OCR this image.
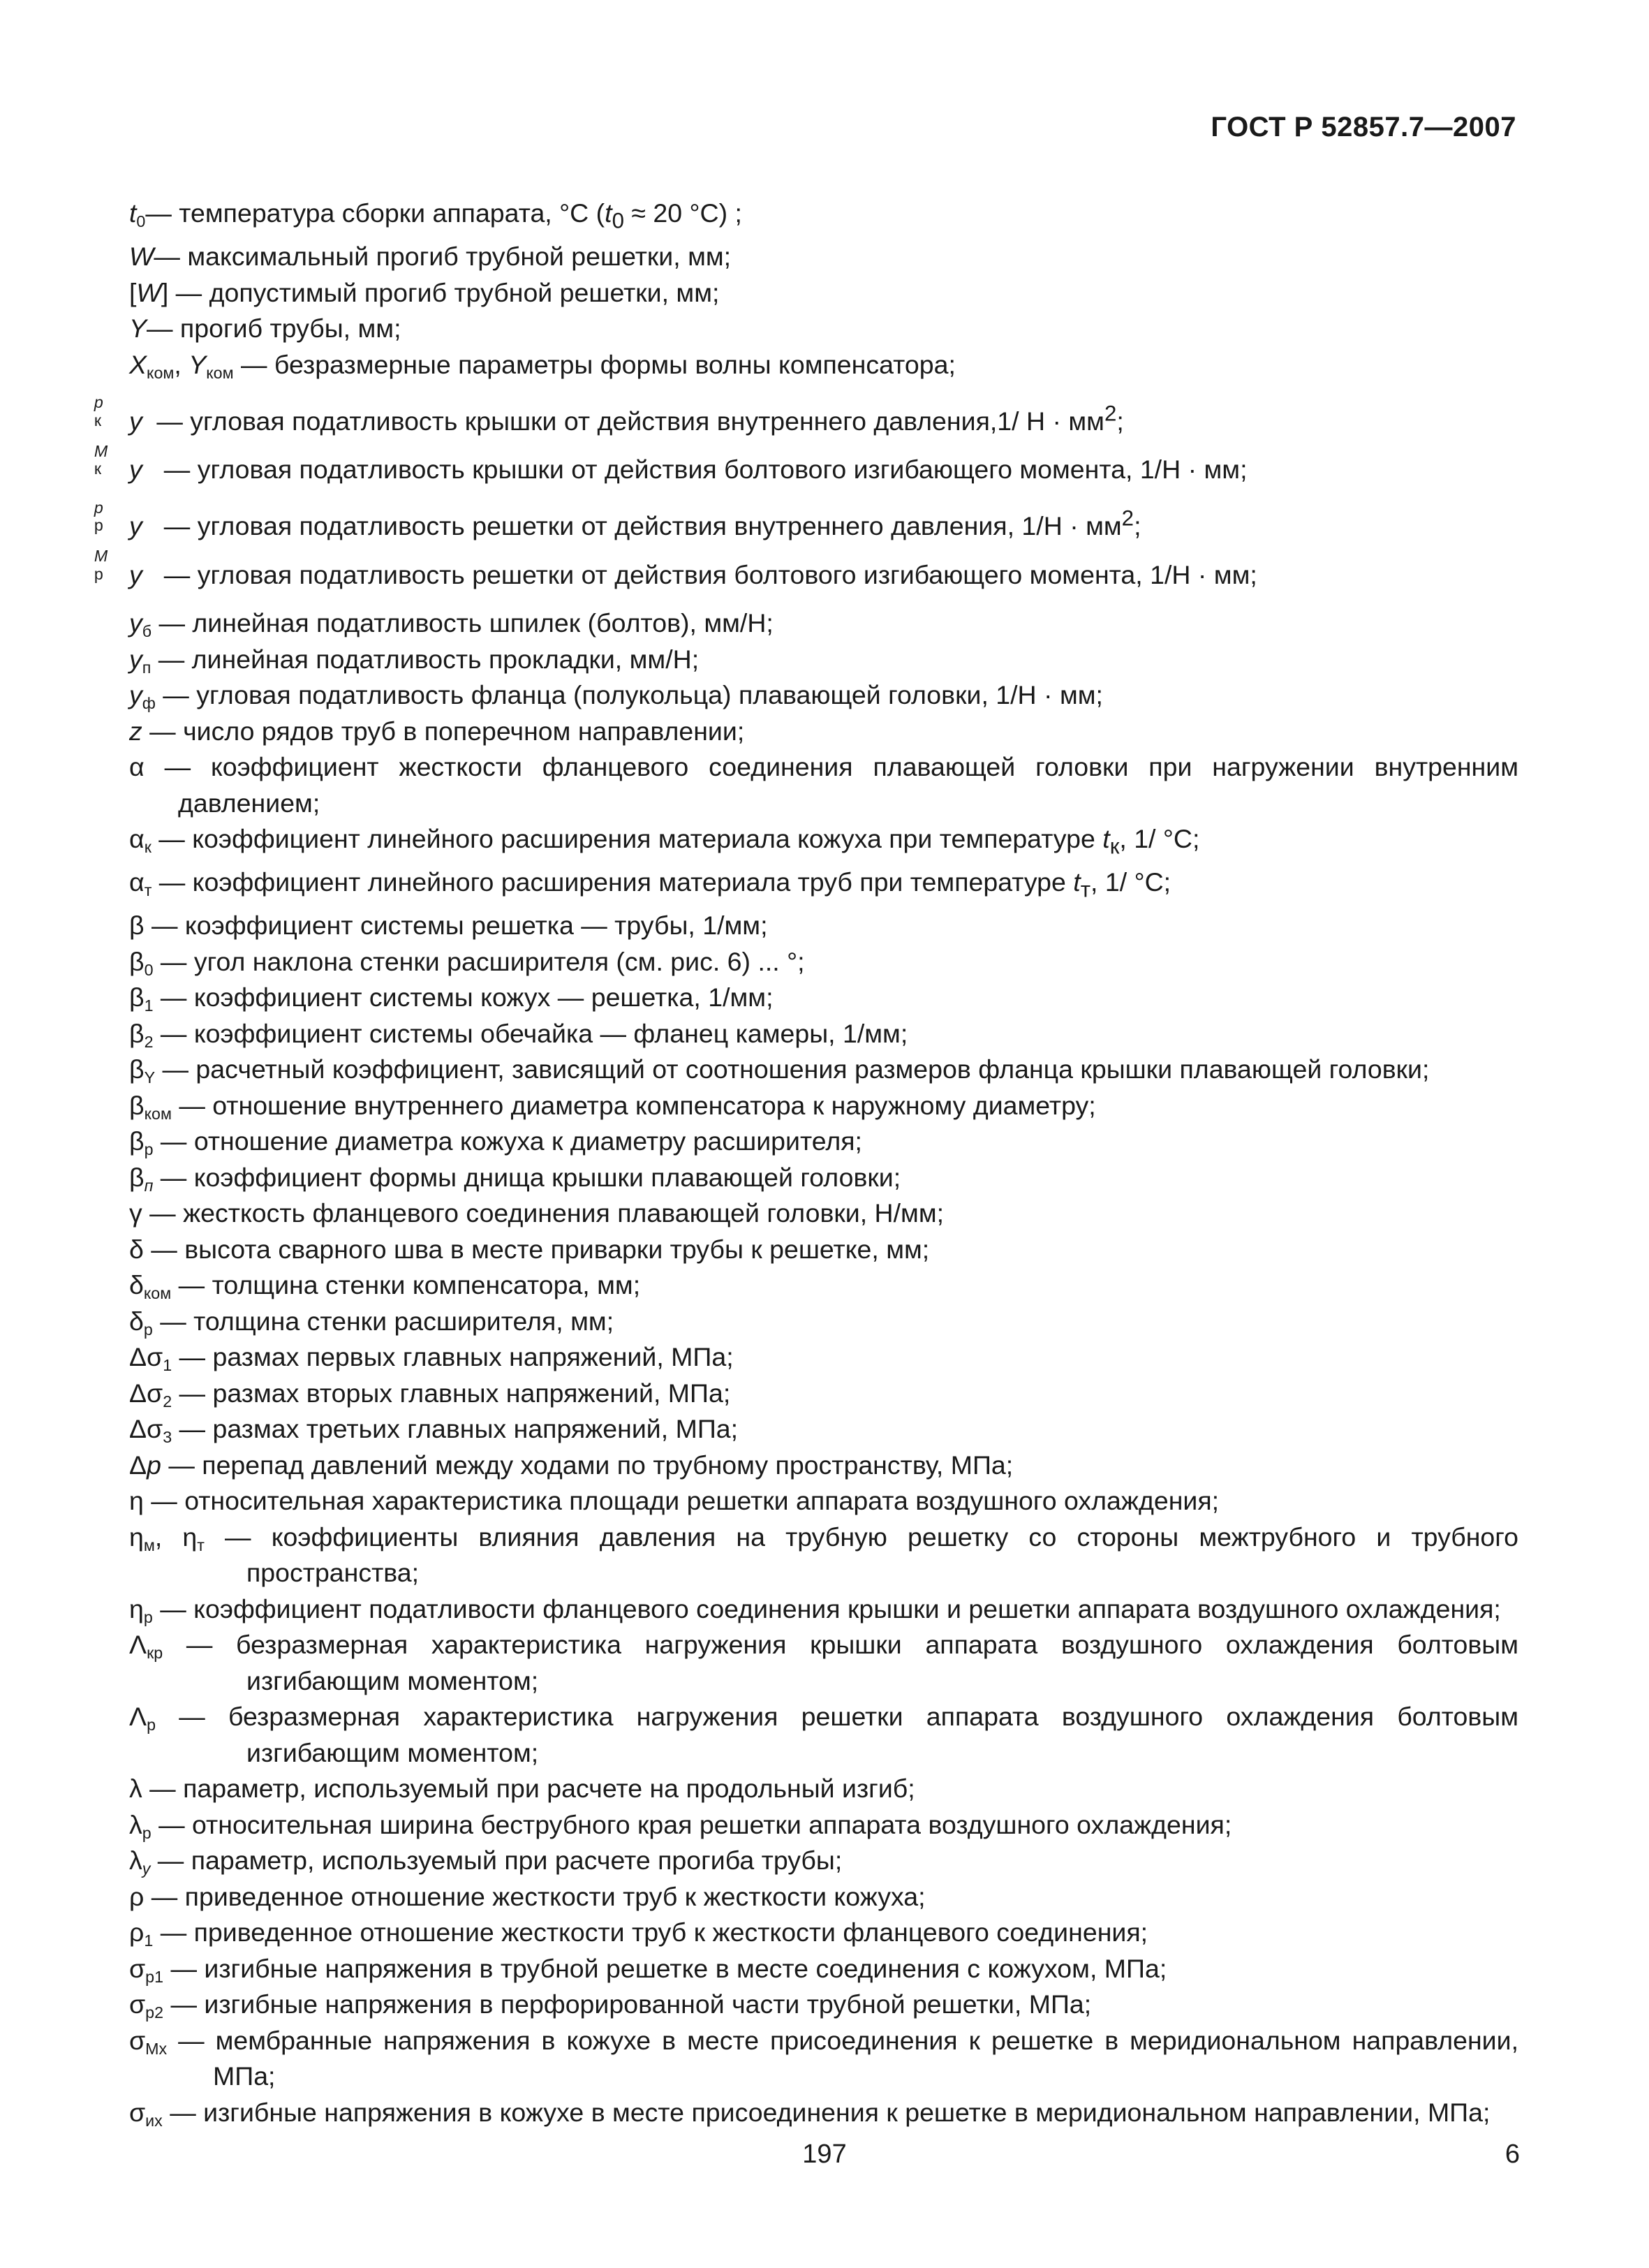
ГОСТ Р 52857.7—2007
$t_0—$ температура сборки аппарата, °С ($t_0 \approx 20$ °С) ;
W— максимальный прогиб трубной решетки, мм;
[W] — допустимый прогиб трубной решетки, мм;
Y— прогиб трубы, мм;
$X_{ком}$, $Y_{ком}$ — безразмерные параметры формы волны компенсатора;
y
p
к	— угловая податливость крышки от действия внутреннего давления,1/ $Н \cdot мм^2$;
y
M
к	— угловая податливость крышки от действия болтового изгибающего момента, 1/Н · мм;
y
p
р	— угловая податливость решетки от действия внутреннего давления, $1/Н \cdot мм^2$;
y
M
р	— угловая податливость решетки от действия болтового изгибающего момента, 1/Н · мм;
$y_б$ — линейная податливость шпилек (болтов), мм/Н;
$y_п$ — линейная податливость прокладки, мм/Н;
$y_ф$ — угловая податливость фланца (полукольца) плавающей головки, 1/Н · мм;
z — число рядов труб в поперечном направлении;
α — коэффициент жесткости фланцевого соединения плавающей головки при нагружении внутренним давлением;
$\alpha_к$ — коэффициент линейного расширения материала кожуха при температуре $t_к$, 1/ °С;
$\alpha_т$ — коэффициент линейного расширения материала труб при температуре $t_т$, 1/ °С;
β — коэффициент системы решетка — трубы, 1/мм;
$\beta_0$ — угол наклона стенки расширителя (см. рис. 6) ... °;
$\beta_1$ — коэффициент системы кожух — решетка, 1/мм;
$\beta_2$ — коэффициент системы обечайка — фланец камеры, 1/мм;
$\beta_Y$ — расчетный коэффициент, зависящий от соотношения размеров фланца крышки плавающей головки;
$\beta_{ком}$ — отношение внутреннего диаметра компенсатора к наружному диаметру;
$\beta_р$ — отношение диаметра кожуха к диаметру расширителя;
$\beta_п$ — коэффициент формы днища крышки плавающей головки;
γ — жесткость фланцевого соединения плавающей головки, Н/мм;
δ — высота сварного шва в месте приварки трубы к решетке, мм;
$\delta_{ком}$ — толщина стенки компенсатора, мм;
$\delta_р$ — толщина стенки расширителя, мм;
$\Delta\sigma_1$ — размах первых главных напряжений, МПа;
$\Delta\sigma_2$ — размах вторых главных напряжений, МПа;
$\Delta\sigma_3$ — размах третьих главных напряжений, МПа;
Δp — перепад давлений между ходами по трубному пространству, МПа;
η — относительная характеристика площади решетки аппарата воздушного охлаждения;
$\eta_м$, $\eta_т$ — коэффициенты влияния давления на трубную решетку со стороны межтрубного и трубного пространства;
$\eta_р$ — коэффициент податливости фланцевого соединения крышки и решетки аппарата воздушного охлаждения;
$\Lambda_{кр}$ — безразмерная характеристика нагружения крышки аппарата воздушного охлаждения болтовым изгибающим моментом;
$\Lambda_р$ — безразмерная характеристика нагружения решетки аппарата воздушного охлаждения болтовым изгибающим моментом;
λ — параметр, используемый при расчете на продольный изгиб;
$\lambda_р$ — относительная ширина беструбного края решетки аппарата воздушного охлаждения;
$\lambda_y$ — параметр, используемый при расчете прогиба трубы;
ρ — приведенное отношение жесткости труб к жесткости кожуха;
$\rho_1$ — приведенное отношение жесткости труб к жесткости фланцевого соединения;
$\sigma_{р1}$ — изгибные напряжения в трубной решетке в месте соединения с кожухом, МПа;
$\sigma_{р2}$ — изгибные напряжения в перфорированной части трубной решетки, МПа;
$\sigma_{Мх}$ — мембранные напряжения в кожухе в месте присоединения к решетке в меридиональном направлении, МПа;
$\sigma_{их}$ — изгибные напряжения в кожухе в месте присоединения к решетке в меридиональном направлении, МПа;
197	6
